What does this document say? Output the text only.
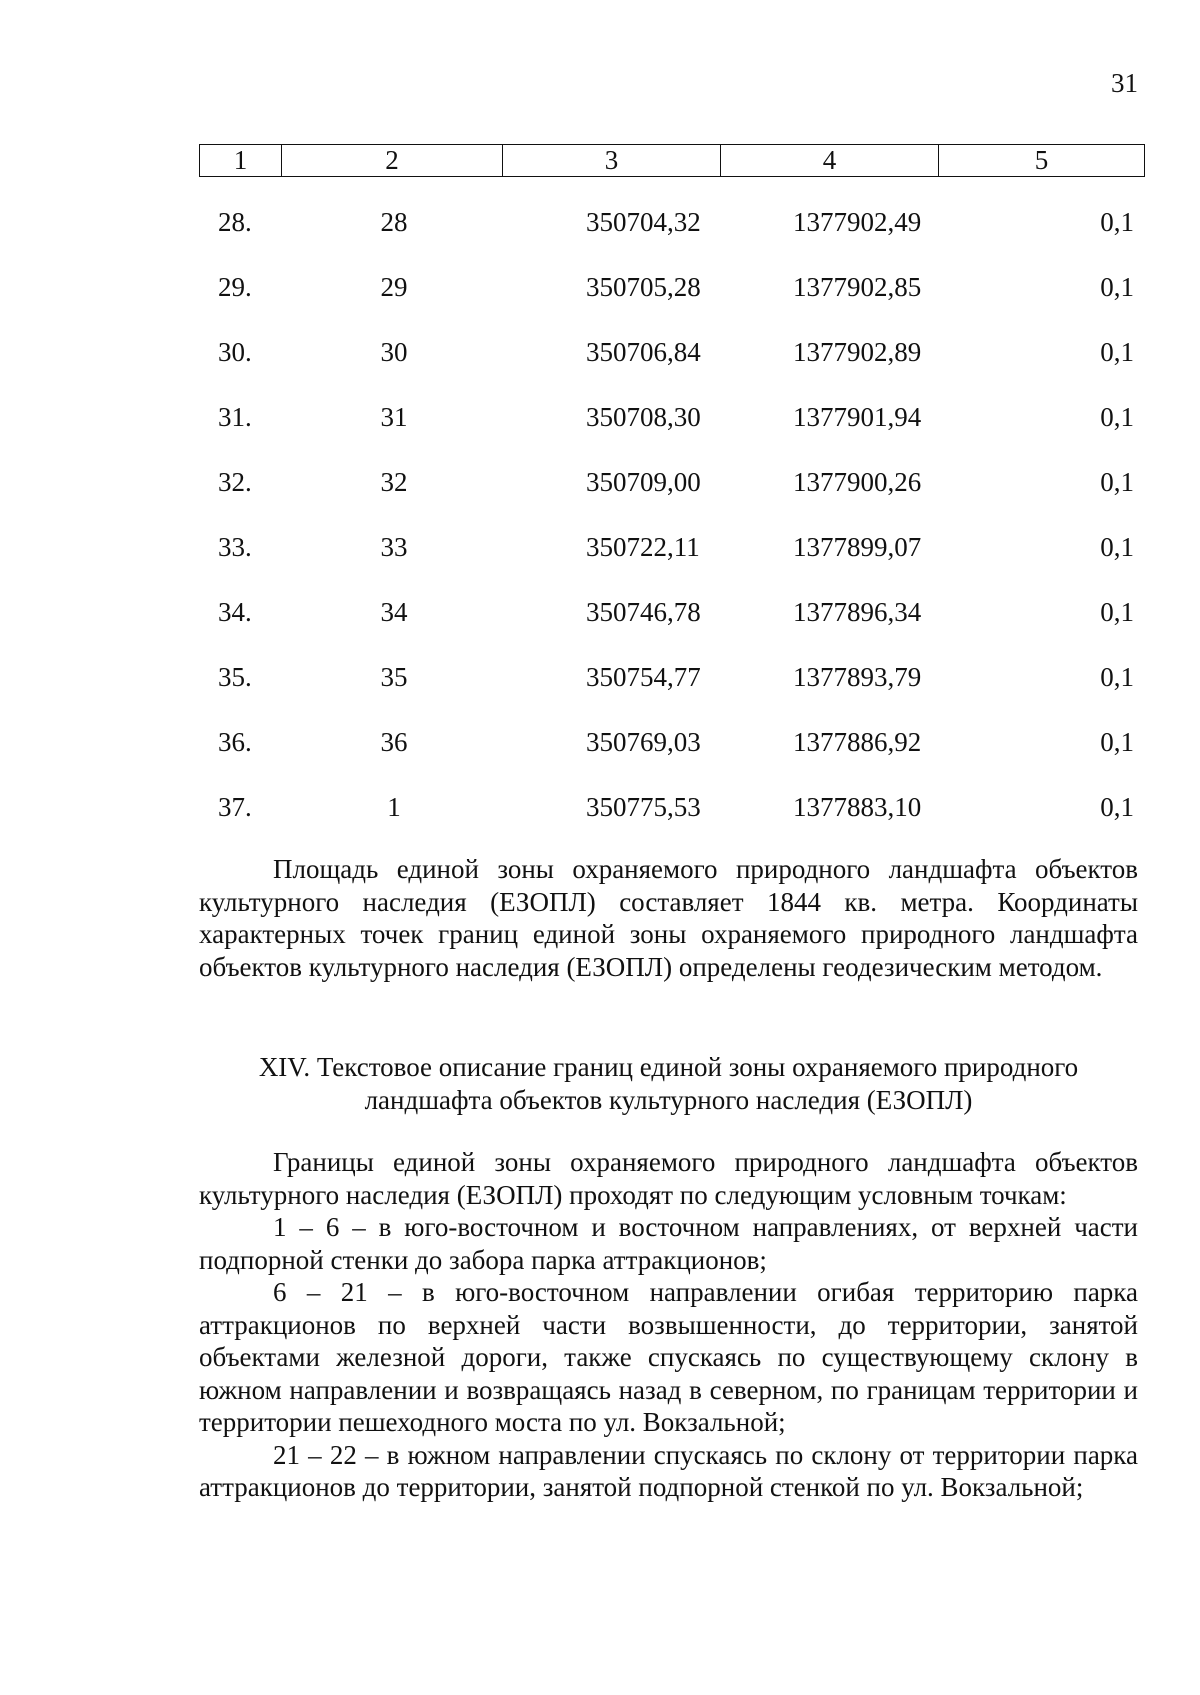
31
1	2	3	4	5
28.	28	350704,32	1377902,49	0,1
29.	29	350705,28	1377902,85	0,1
30.	30	350706,84	1377902,89	0,1
31.	31	350708,30	1377901,94	0,1
32.	32	350709,00	1377900,26	0,1
33.	33	350722,11	1377899,07	0,1
34.	34	350746,78	1377896,34	0,1
35.	35	350754,77	1377893,79	0,1
36.	36	350769,03	1377886,92	0,1
37.	1	350775,53	1377883,10	0,1

Площадь единой зоны охраняемого природного ландшафта объектов культурного наследия (ЕЗОПЛ) составляет 1844 кв. метра. Координаты характерных точек границ единой зоны охраняемого природного ландшафта объектов культурного наследия (ЕЗОПЛ) определены геодезическим методом.

XIV. Текстовое описание границ единой зоны охраняемого природного
ландшафта объектов культурного наследия (ЕЗОПЛ)

Границы единой зоны охраняемого природного ландшафта объектов культурного наследия (ЕЗОПЛ) проходят по следующим условным точкам:

1 – 6 – в юго-восточном и восточном направлениях, от верхней части подпорной стенки до забора парка аттракционов;

6 – 21 – в юго-восточном направлении огибая территорию парка аттракционов по верхней части возвышенности, до территории, занятой объектами железной дороги, также спускаясь по существующему склону в южном направлении и возвращаясь назад в северном, по границам территории и территории пешеходного моста по ул. Вокзальной;

21 – 22 – в южном направлении спускаясь по склону от территории парка аттракционов до территории, занятой подпорной стенкой по ул. Вокзальной;
